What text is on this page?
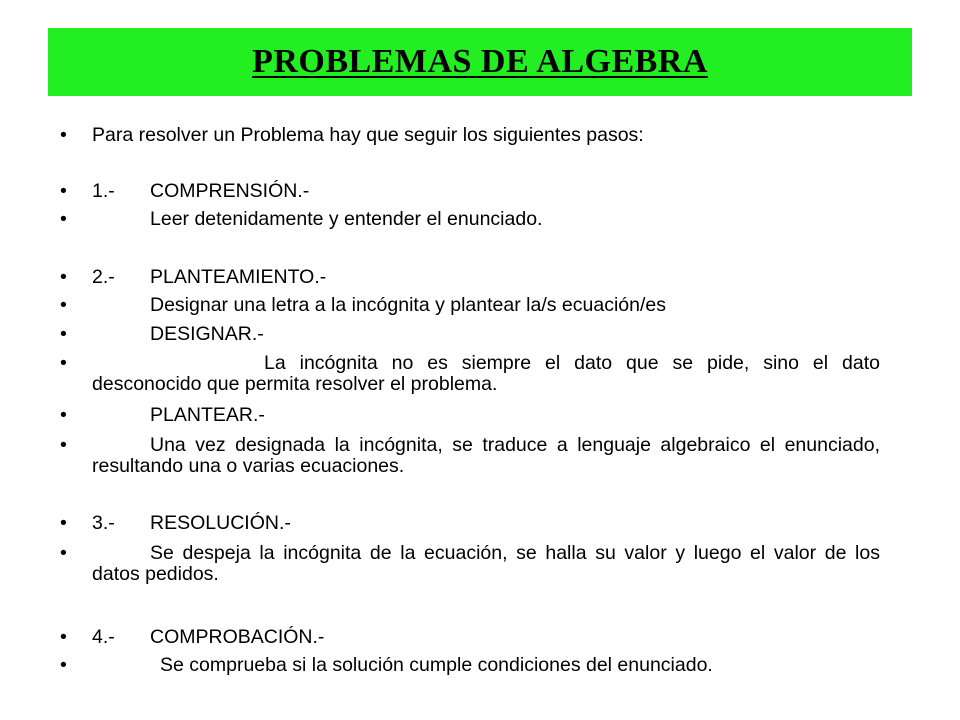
PROBLEMAS DE ALGEBRA
• Para resolver un Problema hay que seguir los siguientes pasos:
• 1.- COMPRENSIÓN.-
•	Leer detenidamente y entender el enunciado.
• 2.- PLANTEAMIENTO.-
•	Designar una letra a la incógnita y plantear la/s ecuación/es
•	DESIGNAR.-
•	La incógnita no es siempre el dato que se pide, sino el dato desconocido que permita resolver el problema.
•	PLANTEAR.-
•	Una vez designada la incógnita, se traduce a lenguaje algebraico el enunciado, resultando una o varias ecuaciones.
• 3.- RESOLUCIÓN.-
•	Se despeja la incógnita de la ecuación, se halla su valor y luego el valor de los datos pedidos.
• 4.- COMPROBACIÓN.-
•	Se comprueba si la solución cumple condiciones del enunciado.
